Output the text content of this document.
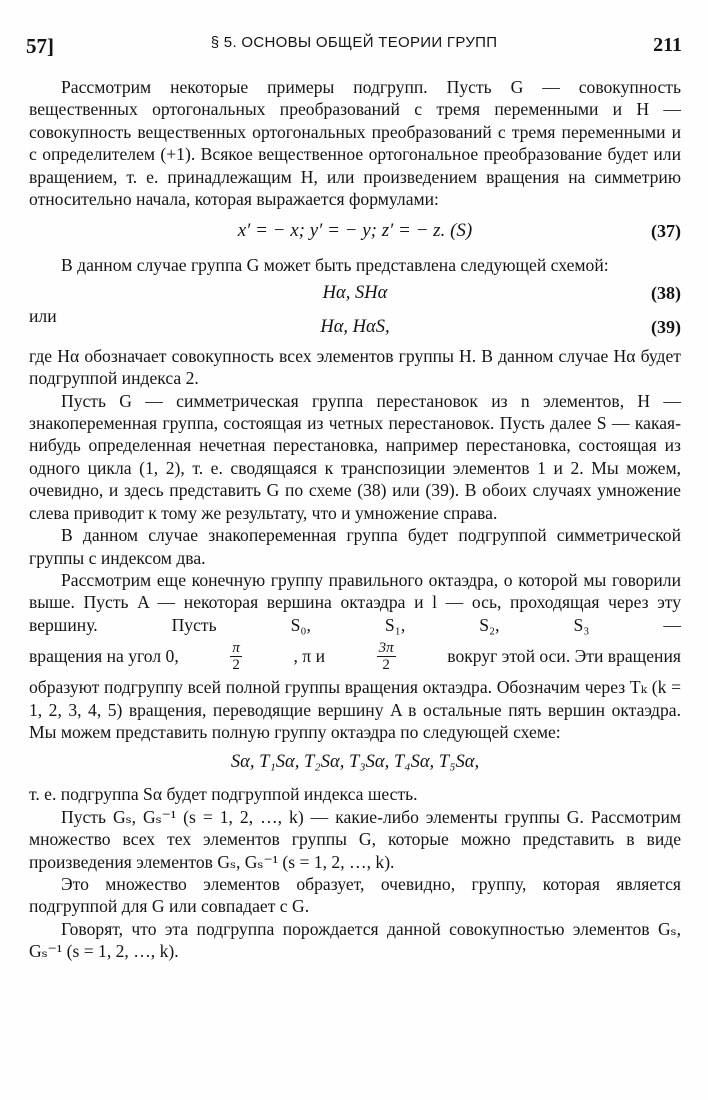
57]	§ 5. ОСНОВЫ ОБЩЕЙ ТЕОРИИ ГРУПП	211

Рассмотрим некоторые примеры подгрупп. Пусть G — совокупность вещественных ортогональных преобразований с тремя переменными и H — совокупность вещественных ортогональных преобразований с тремя переменными и с определителем (+1). Всякое вещественное ортогональное преобразование будет или вращением, т. е. принадлежащим H, или произведением вращения на симметрию относительно начала, которая выражается формулами:

x′ = − x; y′ = − y; z′ = − z. (S)	(37)

В данном случае группа G может быть представлена следующей схемой:

Hα, SHα	(38)
или
Hα, HαS,	(39)

где Hα обозначает совокупность всех элементов группы H. В данном случае Hα будет подгруппой индекса 2.

Пусть G — симметрическая группа перестановок из n элементов, H — знакопеременная группа, состоящая из четных перестановок. Пусть далее S — какая-нибудь определенная нечетная перестановка, например перестановка, состоящая из одного цикла (1, 2), т. е. сводящаяся к транспозиции элементов 1 и 2. Мы можем, очевидно, и здесь представить G по схеме (38) или (39). В обоих случаях умножение слева приводит к тому же результату, что и умножение справа.

В данном случае знакопеременная группа будет подгруппой симметрической группы с индексом два.

Рассмотрим еще конечную группу правильного октаэдра, о которой мы говорили выше. Пусть A — некоторая вершина октаэдра и l — ось, проходящая через эту вершину. Пусть S₀, S₁, S₂, S₃ —

вращения на угол 0,	$\frac{\pi}{2}$	, π и	$\frac{3\pi}{2}$	вокруг этой оси. Эти вращения

образуют подгруппу всей полной группы вращения октаэдра. Обозначим через Tₖ (k = 1, 2, 3, 4, 5) вращения, переводящие вершину A в остальные пять вершин октаэдра. Мы можем представить полную группу октаэдра по следующей схеме:

Sα, T₁Sα, T₂Sα, T₃Sα, T₄Sα, T₅Sα,

т. е. подгруппа Sα будет подгруппой индекса шесть.

Пусть Gₛ, Gₛ⁻¹ (s = 1, 2, …, k) — какие-либо элементы группы G. Рассмотрим множество всех тех элементов группы G, которые можно представить в виде произведения элементов Gₛ, Gₛ⁻¹ (s = 1, 2, …, k).

Это множество элементов образует, очевидно, группу, которая является подгруппой для G или совпадает с G.

Говорят, что эта подгруппа порождается данной совокупностью элементов Gₛ, Gₛ⁻¹ (s = 1, 2, …, k).
